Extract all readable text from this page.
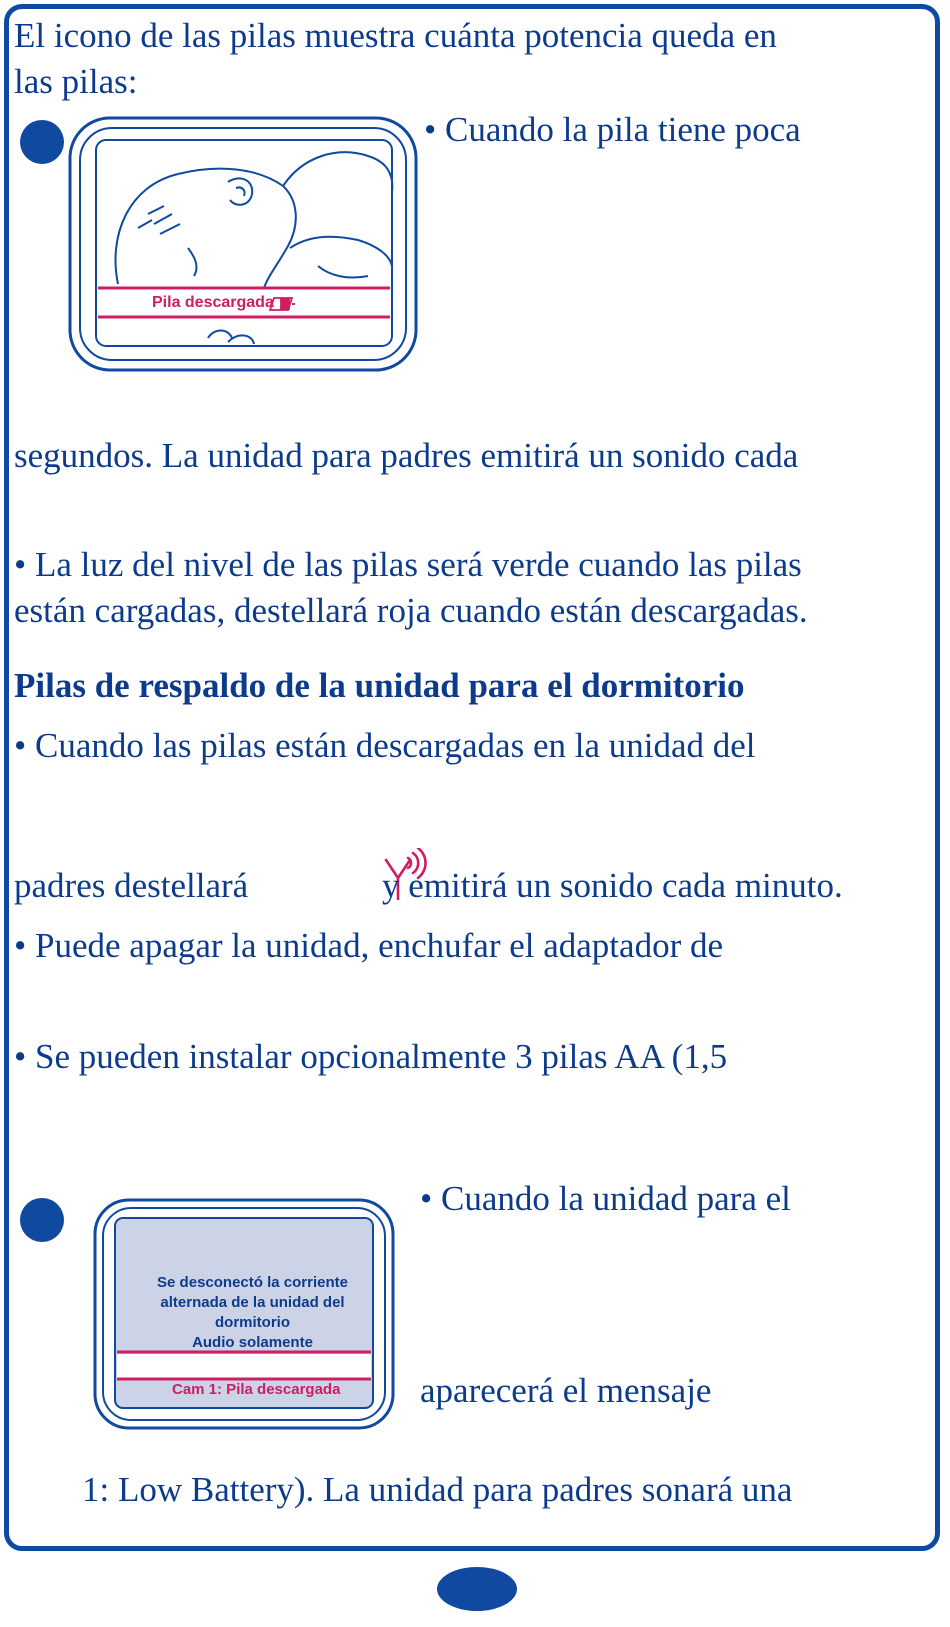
El icono de las pilas muestra cuánta potencia queda en
las pilas:
Pila descargada
• Cuando la pila tiene poca
segundos. La unidad para padres emitirá un sonido cada
• La luz del nivel de las pilas será verde cuando las pilas
están cargadas, destellará roja cuando están descargadas.
Pilas de respaldo de la unidad para el dormitorio
• Cuando las pilas están descargadas en la unidad del
padres destellará	y emitirá un sonido cada minuto.
• Puede apagar la unidad, enchufar el adaptador de
• Se pueden instalar opcionalmente 3 pilas AA (1,5
Se desconectó la corriente
alternada de la unidad del
dormitorio
Audio solamente
Cam 1: Pila descargada
• Cuando la unidad para el
aparecerá el mensaje
1: Low Battery). La unidad para padres sonará una
